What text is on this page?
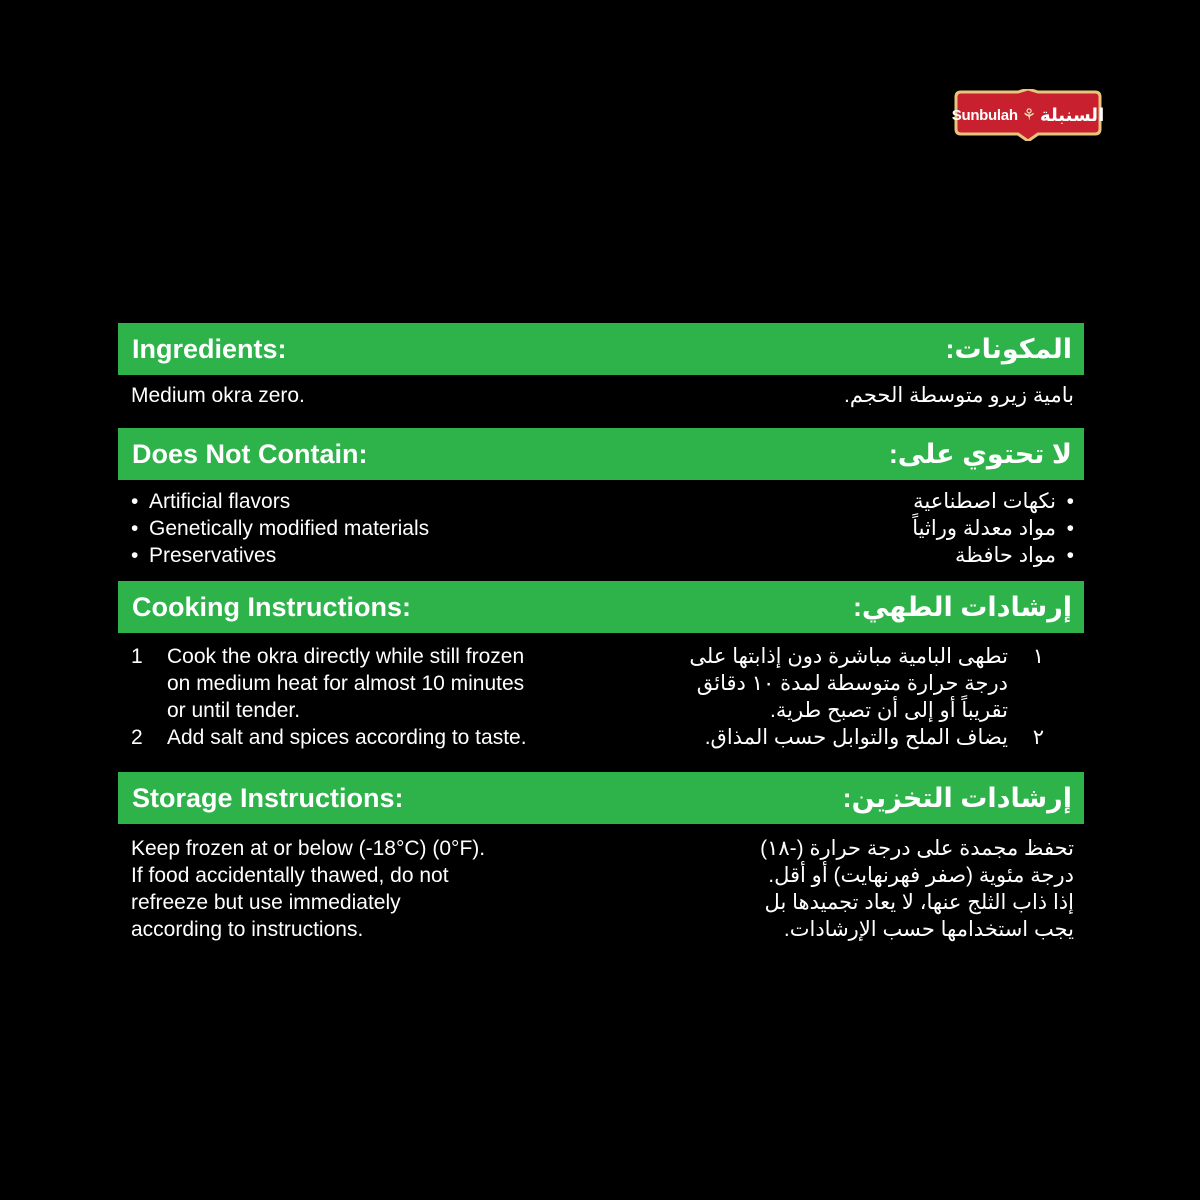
Sunbulah ⚘ السنبلة
Ingredients:	المكونات:
Medium okra zero.	بامية زيرو متوسطة الحجم.
Does Not Contain:	لا تحتوي على:
• Artificial flavors
• Genetically modified materials
• Preservatives
•نكهات اصطناعية
•مواد معدلة وراثياً
•مواد حافظة
Cooking Instructions:	إرشادات الطهي:
1	Cook the okra directly while still frozen
on medium heat for almost 10 minutes
or until tender.
2	Add salt and spices according to taste.
١
تطهى البامية مباشرة دون إذابتها على
درجة حرارة متوسطة لمدة ١٠ دقائق
تقريباً أو إلى أن تصبح طرية.
٢
يضاف الملح والتوابل حسب المذاق.
Storage Instructions:	إرشادات التخزين:
Keep frozen at or below (-18°C) (0°F).
If food accidentally thawed, do not
refreeze but use immediately
according to instructions.
تحفظ مجمدة على درجة حرارة (-١٨)
درجة مئوية (صفر فهرنهايت) أو أقل.
إذا ذاب الثلج عنها، لا يعاد تجميدها بل
يجب استخدامها حسب الإرشادات.
